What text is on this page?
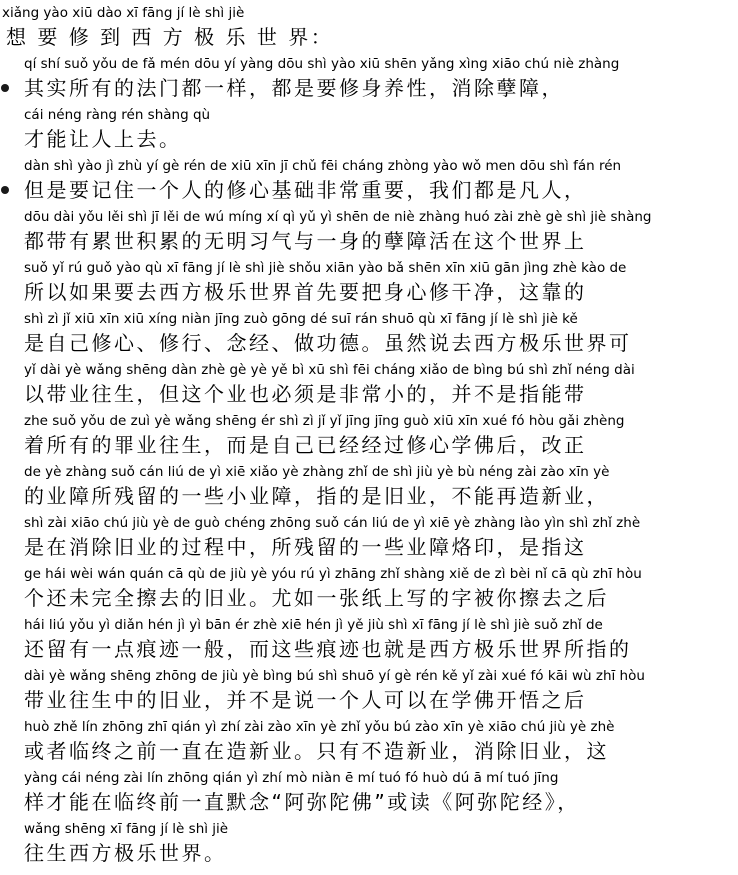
xiǎng yào xiū dào xī fāng jí lè shì jiè
想 要 修 到 西 方 极 乐 世 界：
qí shí suǒ yǒu de fǎ mén dōu yí yàng dōu shì yào xiū shēn yǎng xìng xiāo chú niè zhàng
其实所有的法门都一样，都是要修身养性，消除孽障，
cái néng ràng rén shàng qù
才能让人上去。
dàn shì yào jì zhù yí gè rén de xiū xīn jī chǔ fēi cháng zhòng yào wǒ men dōu shì fán rén
但是要记住一个人的修心基础非常重要，我们都是凡人，
dōu dài yǒu lěi shì jī lěi de wú míng xí qì yǔ yì shēn de niè zhàng huó zài zhè gè shì jiè shàng
都带有累世积累的无明习气与一身的孽障活在这个世界上
suǒ yǐ rú guǒ yào qù xī fāng jí lè shì jiè shǒu xiān yào bǎ shēn xīn xiū gān jìng zhè kào de
所以如果要去西方极乐世界首先要把身心修干净，这靠的
shì zì jǐ xiū xīn xiū xíng niàn jīng zuò gōng dé suī rán shuō qù xī fāng jí lè shì jiè kě
是自己修心、修行、念经、做功德。虽然说去西方极乐世界可
yǐ dài yè wǎng shēng dàn zhè gè yè yě bì xū shì fēi cháng xiǎo de bìng bú shì zhǐ néng dài
以带业往生，但这个业也必须是非常小的，并不是指能带
zhe suǒ yǒu de zuì yè wǎng shēng ér shì zì jǐ yǐ jīng jīng guò xiū xīn xué fó hòu gǎi zhèng
着所有的罪业往生，而是自己已经经过修心学佛后，改正
de yè zhàng suǒ cán liú de yì xiē xiǎo yè zhàng zhǐ de shì jiù yè bù néng zài zào xīn yè
的业障所残留的一些小业障，指的是旧业，不能再造新业，
shì zài xiāo chú jiù yè de guò chéng zhōng suǒ cán liú de yì xiē yè zhàng lào yìn shì zhǐ zhè
是在消除旧业的过程中，所残留的一些业障烙印，是指这
ge hái wèi wán quán cā qù de jiù yè yóu rú yì zhāng zhǐ shàng xiě de zì bèi nǐ cā qù zhī hòu
个还未完全擦去的旧业。尤如一张纸上写的字被你擦去之后
hái liú yǒu yì diǎn hén jì yì bān ér zhè xiē hén jì yě jiù shì xī fāng jí lè shì jiè suǒ zhǐ de
还留有一点痕迹一般，而这些痕迹也就是西方极乐世界所指的
dài yè wǎng shēng zhōng de jiù yè bìng bú shì shuō yí gè rén kě yǐ zài xué fó kāi wù zhī hòu
带业往生中的旧业，并不是说一个人可以在学佛开悟之后
huò zhě lín zhōng zhī qián yì zhí zài zào xīn yè zhǐ yǒu bú zào xīn yè xiāo chú jiù yè zhè
或者临终之前一直在造新业。只有不造新业，消除旧业，这
yàng cái néng zài lín zhōng qián yì zhí mò niàn ē mí tuó fó huò dú ā mí tuó jīng
样才能在临终前一直默念“阿弥陀佛”或读《阿弥陀经》，
wǎng shēng xī fāng jí lè shì jiè
往生西方极乐世界。
